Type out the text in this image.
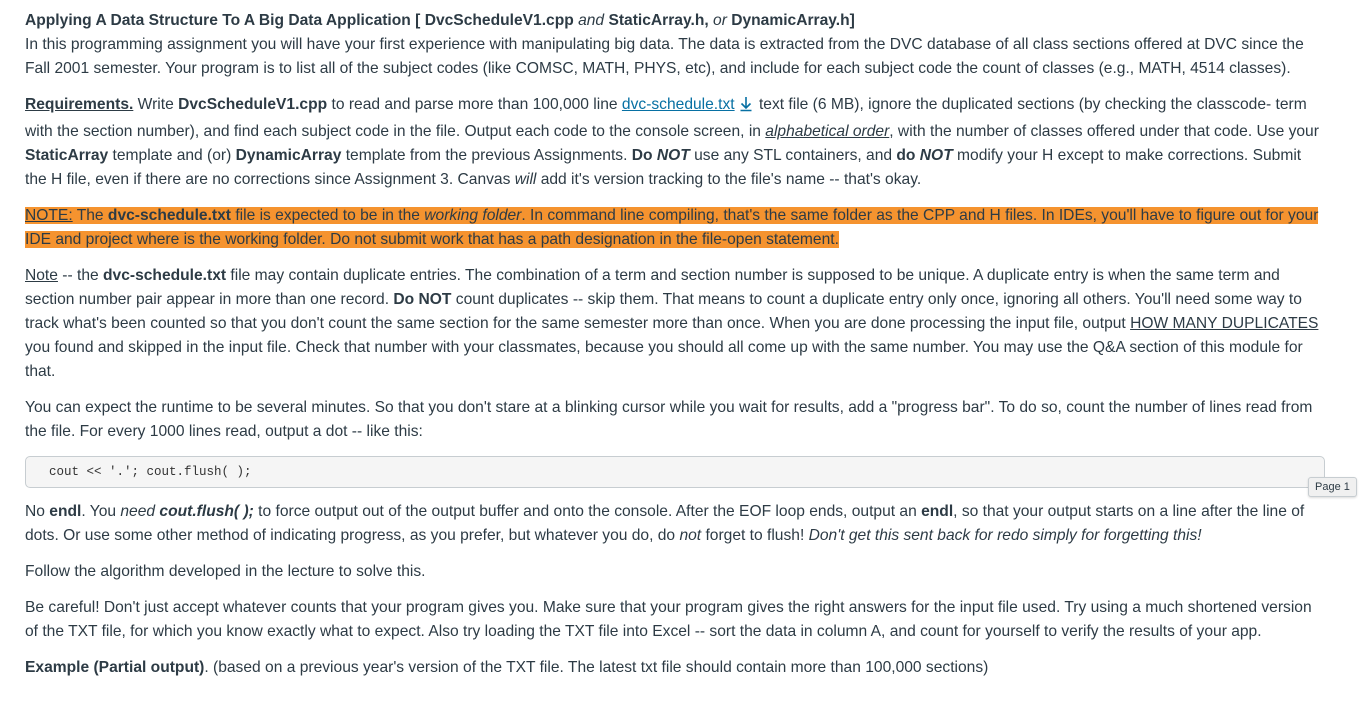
Applying A Data Structure To A Big Data Application [ DvcScheduleV1.cpp and StaticArray.h, or DynamicArray.h]

In this programming assignment you will have your first experience with manipulating big data. The data is extracted from the DVC database of all class sections offered at DVC since the Fall 2001 semester. Your program is to list all of the subject codes (like COMSC, MATH, PHYS, etc), and include for each subject code the count of classes (e.g., MATH, 4514 classes).

Requirements. Write DvcScheduleV1.cpp to read and parse more than 100,000 line dvc-schedule.txt text file (6 MB), ignore the duplicated sections (by checking the classcode- term with the section number), and find each subject code in the file. Output each code to the console screen, in alphabetical order, with the number of classes offered under that code. Use your StaticArray template and (or) DynamicArray template from the previous Assignments. Do NOT use any STL containers, and do NOT modify your H except to make corrections. Submit the H file, even if there are no corrections since Assignment 3. Canvas will add it's version tracking to the file's name -- that's okay.

NOTE: The dvc-schedule.txt file is expected to be in the working folder. In command line compiling, that's the same folder as the CPP and H files. In IDEs, you'll have to figure out for your IDE and project where is the working folder. Do not submit work that has a path designation in the file-open statement.

Note -- the dvc-schedule.txt file may contain duplicate entries. The combination of a term and section number is supposed to be unique. A duplicate entry is when the same term and section number pair appear in more than one record. Do NOT count duplicates -- skip them. That means to count a duplicate entry only once, ignoring all others. You'll need some way to track what's been counted so that you don't count the same section for the same semester more than once. When you are done processing the input file, output HOW MANY DUPLICATES you found and skipped in the input file. Check that number with your classmates, because you should all come up with the same number. You may use the Q&A section of this module for that.

You can expect the runtime to be several minutes. So that you don't stare at a blinking cursor while you wait for results, add a "progress bar". To do so, count the number of lines read from the file. For every 1000 lines read, output a dot -- like this:

cout << '.'; cout.flush( );

No endl. You need cout.flush( ); to force output out of the output buffer and onto the console. After the EOF loop ends, output an endl, so that your output starts on a line after the line of dots. Or use some other method of indicating progress, as you prefer, but whatever you do, do not forget to flush! Don't get this sent back for redo simply for forgetting this!

Follow the algorithm developed in the lecture to solve this.

Be careful! Don't just accept whatever counts that your program gives you. Make sure that your program gives the right answers for the input file used. Try using a much shortened version of the TXT file, for which you know exactly what to expect. Also try loading the TXT file into Excel -- sort the data in column A, and count for yourself to verify the results of your app.

Example (Partial output). (based on a previous year's version of the TXT file. The latest txt file should contain more than 100,000 sections)

Page 1
